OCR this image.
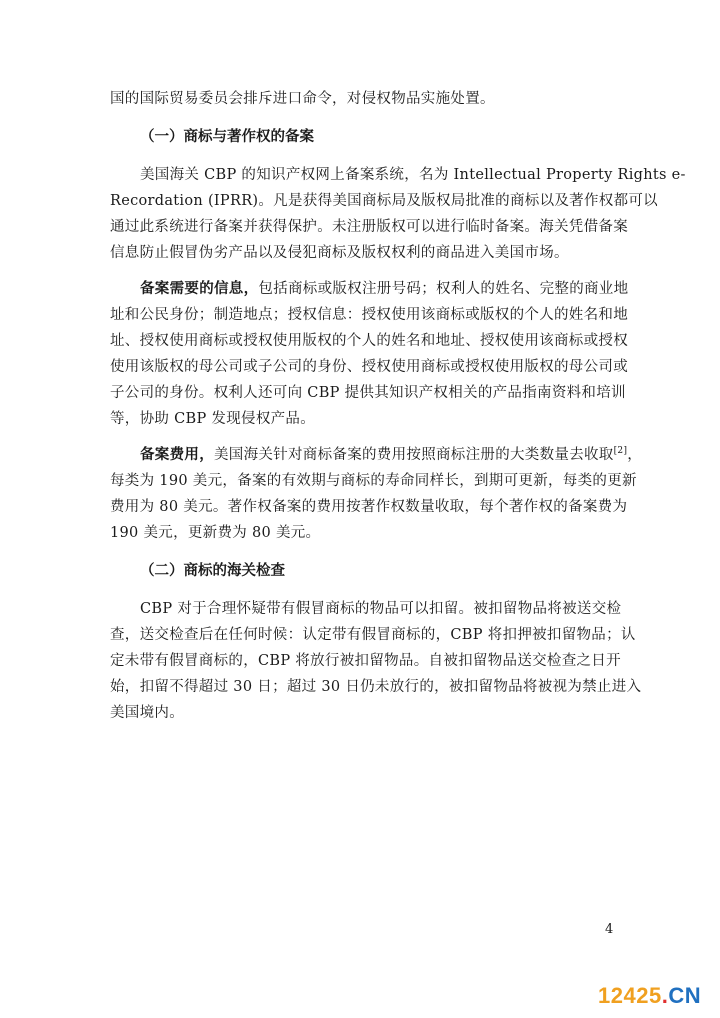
国的国际贸易委员会排斥进口命令，对侵权物品实施处置。
（一）商标与著作权的备案
美国海关 CBP 的知识产权网上备案系统，名为 Intellectual Property Rights e-
Recordation (IPRR)。凡是获得美国商标局及版权局批准的商标以及著作权都可以
通过此系统进行备案并获得保护。未注册版权可以进行临时备案。海关凭借备案
信息防止假冒伪劣产品以及侵犯商标及版权权利的商品进入美国市场。
备案需要的信息，包括商标或版权注册号码；权利人的姓名、完整的商业地
址和公民身份；制造地点；授权信息：授权使用该商标或版权的个人的姓名和地
址、授权使用商标或授权使用版权的个人的姓名和地址、授权使用该商标或授权
使用该版权的母公司或子公司的身份、授权使用商标或授权使用版权的母公司或
子公司的身份。权利人还可向 CBP 提供其知识产权相关的产品指南资料和培训
等，协助 CBP 发现侵权产品。
备案费用，美国海关针对商标备案的费用按照商标注册的大类数量去收取[2]，
每类为 190 美元，备案的有效期与商标的寿命同样长，到期可更新，每类的更新
费用为 80 美元。著作权备案的费用按著作权数量收取，每个著作权的备案费为
190 美元，更新费为 80 美元。
（二）商标的海关检查
CBP 对于合理怀疑带有假冒商标的物品可以扣留。被扣留物品将被送交检
查，送交检查后在任何时候：认定带有假冒商标的，CBP 将扣押被扣留物品；认
定未带有假冒商标的，CBP 将放行被扣留物品。自被扣留物品送交检查之日开
始，扣留不得超过 30 日；超过 30 日仍未放行的，被扣留物品将被视为禁止进入
美国境内。
4
12425.CN
